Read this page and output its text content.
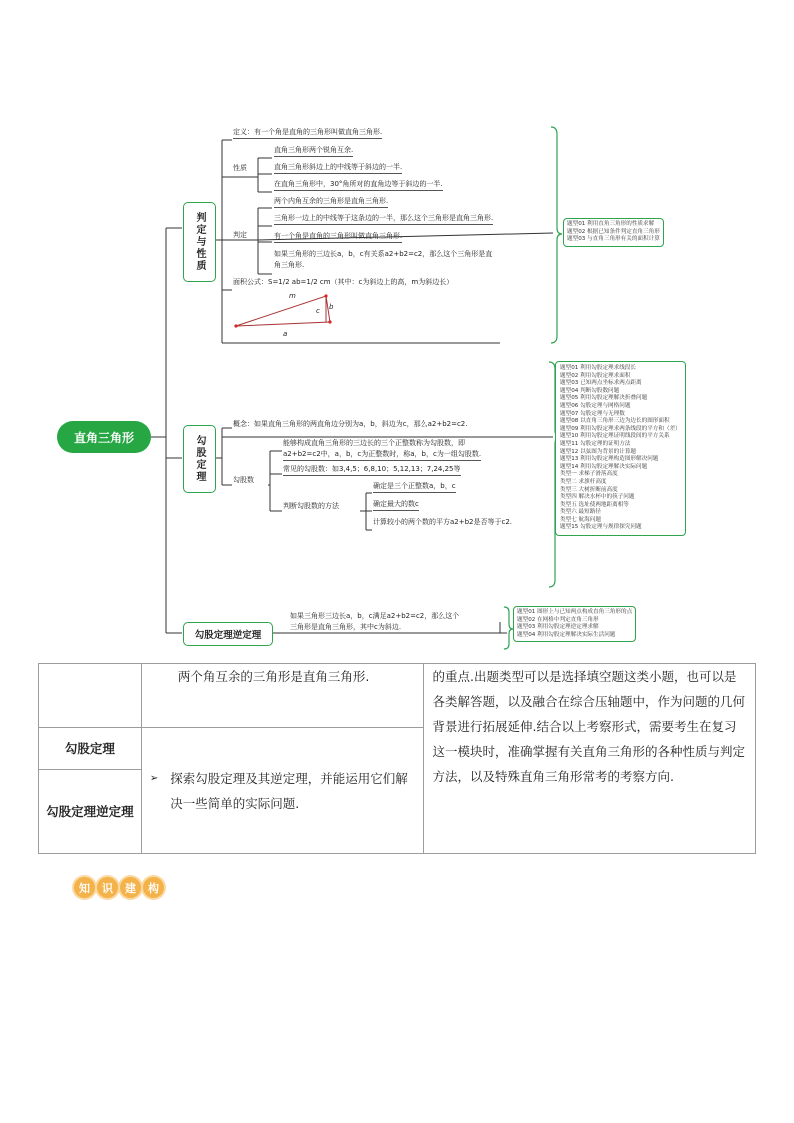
直角三角形
判定与性质
定义：有一个角是直角的三角形叫做直角三角形.
性质
直角三角形两个锐角互余.
直角三角形斜边上的中线等于斜边的一半.
在直角三角形中，30°角所对的直角边等于斜边的一半.
判定
两个内角互余的三角形是直角三角形.
三角形一边上的中线等于这条边的一半，那么这个三角形是直角三角形.
有一个角是直角的三角形叫做直角三角形.
如果三角形的三边长a，b，c有关系a2+b2=c2，那么这个三角形是直
角三角形.
面积公式：S=1/2 ab=1/2 cm（其中：c为斜边上的高，m为斜边长）
m
c b
a
题型01 利用直角三角形的性质求解
题型02 根据已知条件判定直角三角形
题型03 与直角三角形有关的面积计算
勾股定理
概念：如果直角三角形的两直角边分别为a，b，斜边为c，那么a2+b2=c2.
勾股数
能够构成直角三角形的三边长的三个正整数称为勾股数，即
a2+b2=c2中，a，b，c为正整数时，称a，b，c为一组勾股数.
常见的勾股数：如3,4,5；6,8,10；5,12,13；7,24,25等
判断勾股数的方法
确定是三个正整数a，b，c
确定最大的数c
计算较小的两个数的平方a2+b2是否等于c2.
题型01 利用勾股定理求线段长
题型02 利用勾股定理求面积
题型03 已知两点坐标求两点距离
题型04 判断勾股数问题
题型05 利用勾股定理解决折叠问题
题型06 勾股定理与网格问题
题型07 勾股定理与无理数
题型08 以直角三角形三边为边长的图形面积
题型09 利用勾股定理求两条线段的平方和（差）
题型10 利用勾股定理证明线段间的平方关系
题型11 勾股定理的证明方法
题型12 以弦图为背景的计算题
题型13 利用勾股定理构造图形解决问题
题型14 利用勾股定理解决实际问题
类型一 求梯子滑落高度
类型二 求旗杆高度
类型三 大树折断前高度
类型四 解决水杯中的筷子问题
类型五 选址使两地距离相等
类型六 最短路径
类型七 航海问题
题型15 勾股定理与规律探究问题
勾股定理逆定理
如果三角形三边长a，b，c满足a2+b2=c2，那么这个
三角形是直角三角形，其中c为斜边.
题型01 图形上与已知两点构成直角三角形的点
题型02 在网格中判定直角三角形
题型03 利用勾股定理逆定理求解
题型04 利用勾股定理解决实际生活问题
	两个角互余的三角形是直角三角形.	的重点.出题类型可以是选择填空题这类小题，也可以是各类解答题，以及融合在综合压轴题中，作为问题的几何背景进行拓展延伸.结合以上考察形式，需要考生在复习这一模块时，准确掌握有关直角三角形的各种性质与判定方法，以及特殊直角三角形常考的考察方向.
勾股定理	➢ 探索勾股定理及其逆定理，并能运用它们解决一些简单的实际问题.	

勾股定理逆定理		
知	识	建	构
